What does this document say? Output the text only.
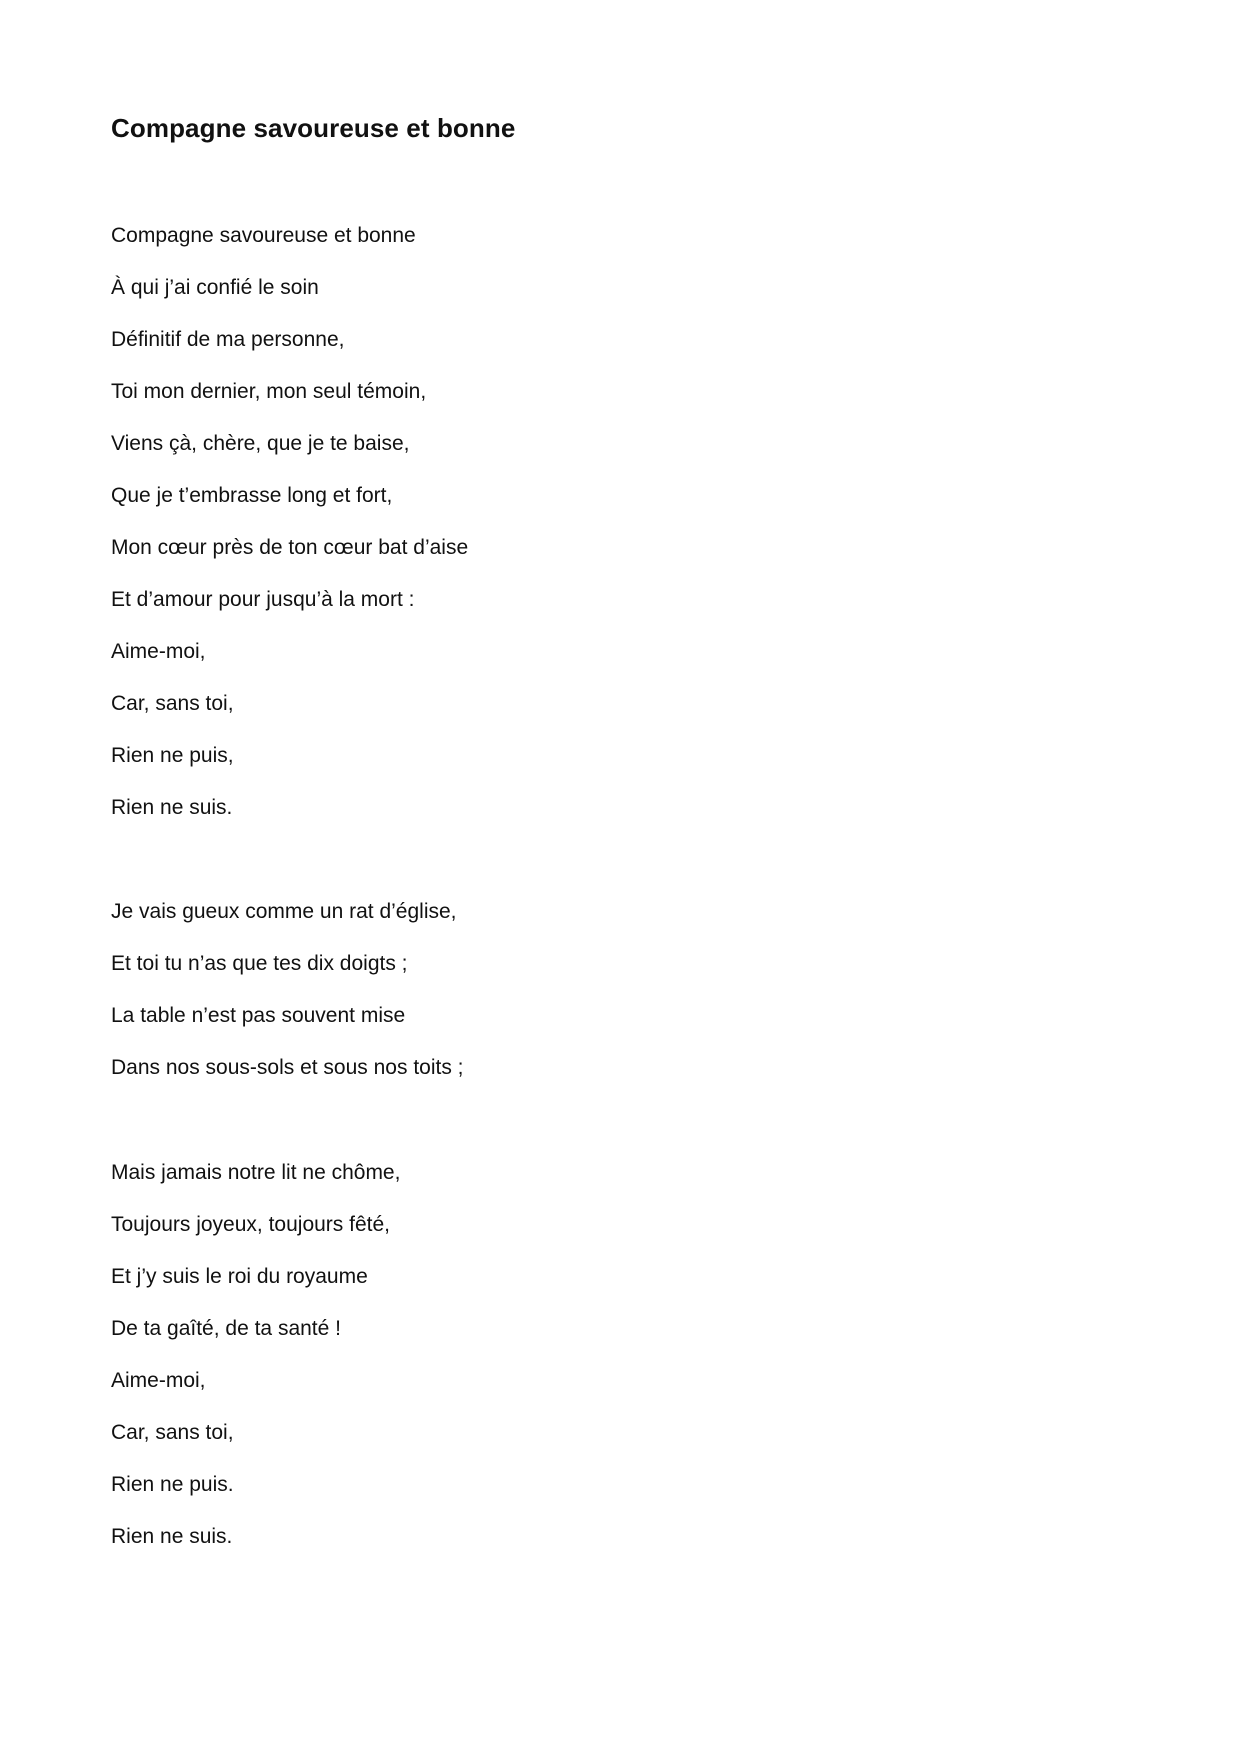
Compagne savoureuse et bonne
Compagne savoureuse et bonne
À qui j’ai confié le soin
Définitif de ma personne,
Toi mon dernier, mon seul témoin,
Viens çà, chère, que je te baise,
Que je t’embrasse long et fort,
Mon cœur près de ton cœur bat d’aise
Et d’amour pour jusqu’à la mort :
Aime-moi,
Car, sans toi,
Rien ne puis,
Rien ne suis.
Je vais gueux comme un rat d’église,
Et toi tu n’as que tes dix doigts ;
La table n’est pas souvent mise
Dans nos sous-sols et sous nos toits ;
Mais jamais notre lit ne chôme,
Toujours joyeux, toujours fêté,
Et j’y suis le roi du royaume
De ta gaîté, de ta santé !
Aime-moi,
Car, sans toi,
Rien ne puis.
Rien ne suis.
